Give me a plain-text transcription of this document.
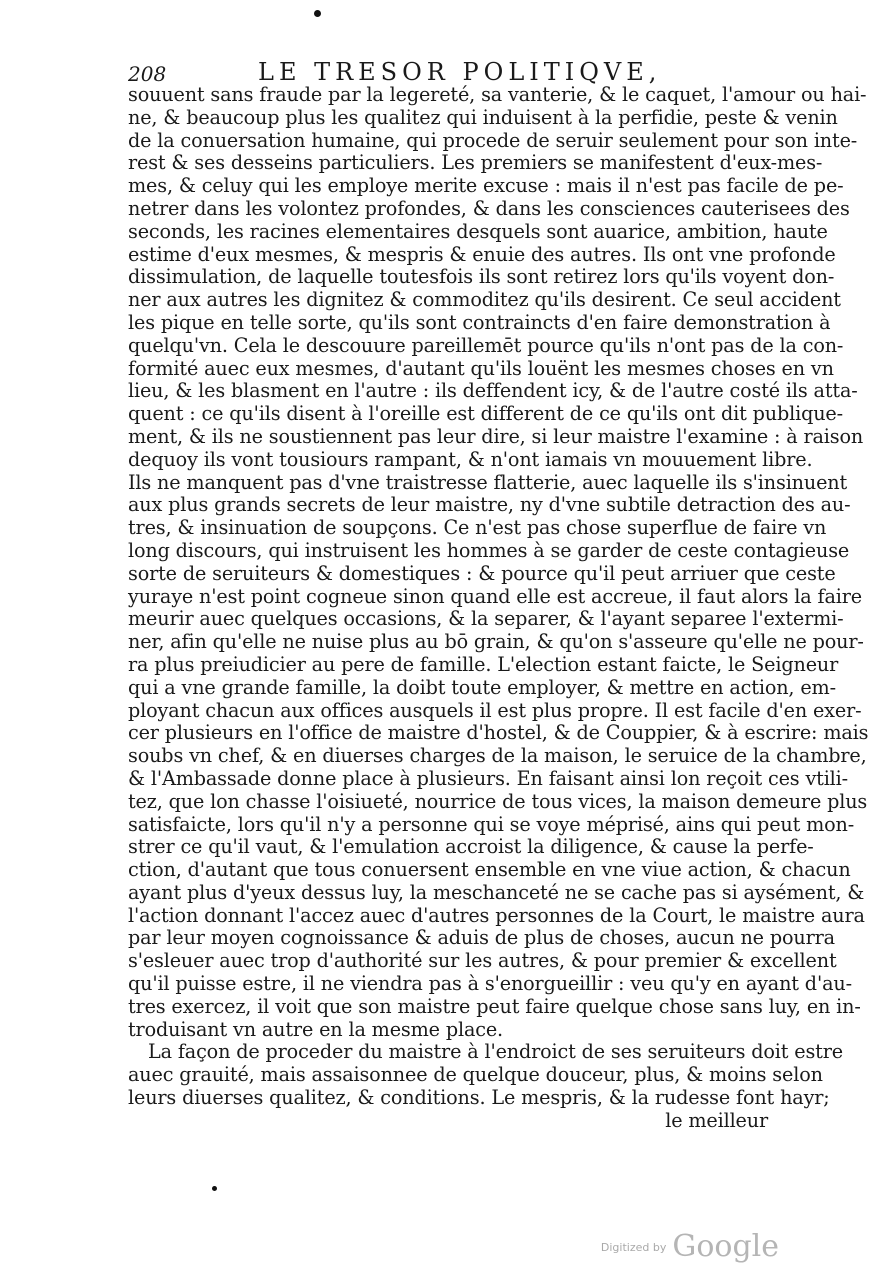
208	LE TRESOR POLITIQVE,
souuent sans fraude par la legereté, sa vanterie, & le caquet, l'amour ou hai-
ne, & beaucoup plus les qualitez qui induisent à la perfidie, peste & venin
de la conuersation humaine, qui procede de seruir seulement pour son inte-
rest & ses desseins particuliers. Les premiers se manifestent d'eux-mes-
mes, & celuy qui les employe merite excuse : mais il n'est pas facile de pe-
netrer dans les volontez profondes, & dans les consciences cauterisees des
seconds, les racines elementaires desquels sont auarice, ambition, haute
estime d'eux mesmes, & mespris & enuie des autres. Ils ont vne profonde
dissimulation, de laquelle toutesfois ils sont retirez lors qu'ils voyent don-
ner aux autres les dignitez & commoditez qu'ils desirent. Ce seul accident
les pique en telle sorte, qu'ils sont contraincts d'en faire demonstration à
quelqu'vn. Cela le descouure pareillemēt pource qu'ils n'ont pas de la con-
formité auec eux mesmes, d'autant qu'ils louënt les mesmes choses en vn
lieu, & les blasment en l'autre : ils deffendent icy, & de l'autre costé ils atta-
quent : ce qu'ils disent à l'oreille est different de ce qu'ils ont dit publique-
ment, & ils ne soustiennent pas leur dire, si leur maistre l'examine : à raison
dequoy ils vont tousiours rampant, & n'ont iamais vn mouuement libre.
Ils ne manquent pas d'vne traistresse flatterie, auec laquelle ils s'insinuent
aux plus grands secrets de leur maistre, ny d'vne subtile detraction des au-
tres, & insinuation de soupçons. Ce n'est pas chose superflue de faire vn
long discours, qui instruisent les hommes à se garder de ceste contagieuse
sorte de seruiteurs & domestiques : & pource qu'il peut arriuer que ceste
yuraye n'est point cogneue sinon quand elle est accreue, il faut alors la faire
meurir auec quelques occasions, & la separer, & l'ayant separee l'extermi-
ner, afin qu'elle ne nuise plus au bō grain, & qu'on s'asseure qu'elle ne pour-
ra plus preiudicier au pere de famille. L'election estant faicte, le Seigneur
qui a vne grande famille, la doibt toute employer, & mettre en action, em-
ployant chacun aux offices ausquels il est plus propre. Il est facile d'en exer-
cer plusieurs en l'office de maistre d'hostel, & de Couppier, & à escrire: mais
soubs vn chef, & en diuerses charges de la maison, le seruice de la chambre,
& l'Ambassade donne place à plusieurs. En faisant ainsi lon reçoit ces vtili-
tez, que lon chasse l'oisiueté, nourrice de tous vices, la maison demeure plus
satisfaicte, lors qu'il n'y a personne qui se voye méprisé, ains qui peut mon-
strer ce qu'il vaut, & l'emulation accroist la diligence, & cause la perfe-
ction, d'autant que tous conuersent ensemble en vne viue action, & chacun
ayant plus d'yeux dessus luy, la meschanceté ne se cache pas si aysément, &
l'action donnant l'accez auec d'autres personnes de la Court, le maistre aura
par leur moyen cognoissance & aduis de plus de choses, aucun ne pourra
s'esleuer auec trop d'authorité sur les autres, & pour premier & excellent
qu'il puisse estre, il ne viendra pas à s'enorgueillir : veu qu'y en ayant d'au-
tres exercez, il voit que son maistre peut faire quelque chose sans luy, en in-
troduisant vn autre en la mesme place.
La façon de proceder du maistre à l'endroict de ses seruiteurs doit estre
auec grauité, mais assaisonnee de quelque douceur, plus, & moins selon
leurs diuerses qualitez, & conditions. Le mespris, & la rudesse font hayr;
le meilleur
Digitized by Google
